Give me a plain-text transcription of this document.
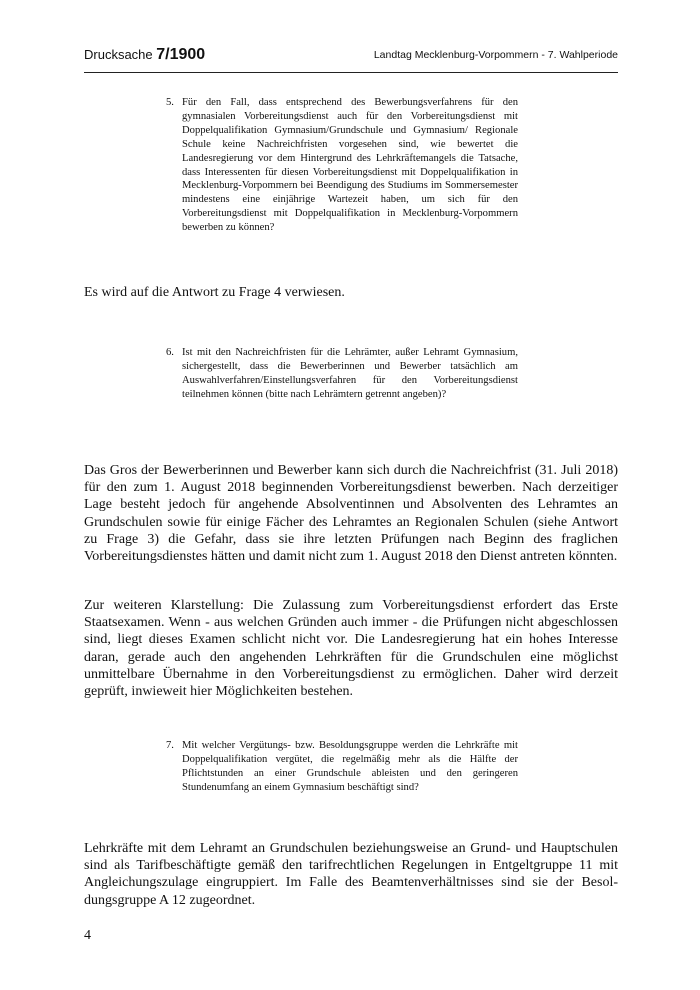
Drucksache 7/1900	Landtag Mecklenburg-Vorpommern - 7. Wahlperiode
5. Für den Fall, dass entsprechend des Bewerbungsverfahrens für den gymnasialen Vorbereitungsdienst auch für den Vorbereitungsdienst mit Doppelqualifikation Gymnasium/Grundschule und Gymnasium/ Regionale Schule keine Nachreichfristen vorgesehen sind, wie bewertet die Landesregierung vor dem Hintergrund des Lehrkräftemangels die Tatsache, dass Interessenten für diesen Vorbereitungsdienst mit Doppelqualifikation in Mecklenburg-Vorpommern bei Beendigung des Studiums im Sommersemester mindestens eine einjährige Wartezeit haben, um sich für den Vorbereitungsdienst mit Doppelqualifikation in Mecklenburg-Vorpommern bewerben zu können?
Es wird auf die Antwort zu Frage 4 verwiesen.
6. Ist mit den Nachreichfristen für die Lehrämter, außer Lehramt Gymnasium, sichergestellt, dass die Bewerberinnen und Bewerber tatsächlich am Auswahlverfahren/Einstellungsverfahren für den Vorbereitungsdienst teilnehmen können (bitte nach Lehrämtern getrennt angeben)?
Das Gros der Bewerberinnen und Bewerber kann sich durch die Nachreichfrist (31. Juli 2018) für den zum 1. August 2018 beginnenden Vorbereitungsdienst bewerben. Nach derzeitiger Lage besteht jedoch für angehende Absolventinnen und Absolventen des Lehramtes an Grundschulen sowie für einige Fächer des Lehramtes an Regionalen Schulen (siehe Antwort zu Frage 3) die Gefahr, dass sie ihre letzten Prüfungen nach Beginn des fraglichen Vorbereitungsdienstes hätten und damit nicht zum 1. August 2018 den Dienst antreten könnten.
Zur weiteren Klarstellung: Die Zulassung zum Vorbereitungsdienst erfordert das Erste Staatsexamen. Wenn - aus welchen Gründen auch immer - die Prüfungen nicht abgeschlossen sind, liegt dieses Examen schlicht nicht vor. Die Landesregierung hat ein hohes Interesse daran, gerade auch den angehenden Lehrkräften für die Grundschulen eine möglichst unmittelbare Übernahme in den Vorbereitungsdienst zu ermöglichen. Daher wird derzeit geprüft, inwieweit hier Möglichkeiten bestehen.
7. Mit welcher Vergütungs- bzw. Besoldungsgruppe werden die Lehrkräfte mit Doppelqualifikation vergütet, die regelmäßig mehr als die Hälfte der Pflichtstunden an einer Grundschule ableisten und den geringeren Stundenumfang an einem Gymnasium beschäftigt sind?
Lehrkräfte mit dem Lehramt an Grundschulen beziehungsweise an Grund- und Hauptschulen sind als Tarifbeschäftigte gemäß den tarifrechtlichen Regelungen in Entgeltgruppe 11 mit Angleichungszulage eingruppiert. Im Falle des Beamtenverhältnisses sind sie der Besoldungsgruppe A 12 zugeordnet.
4
